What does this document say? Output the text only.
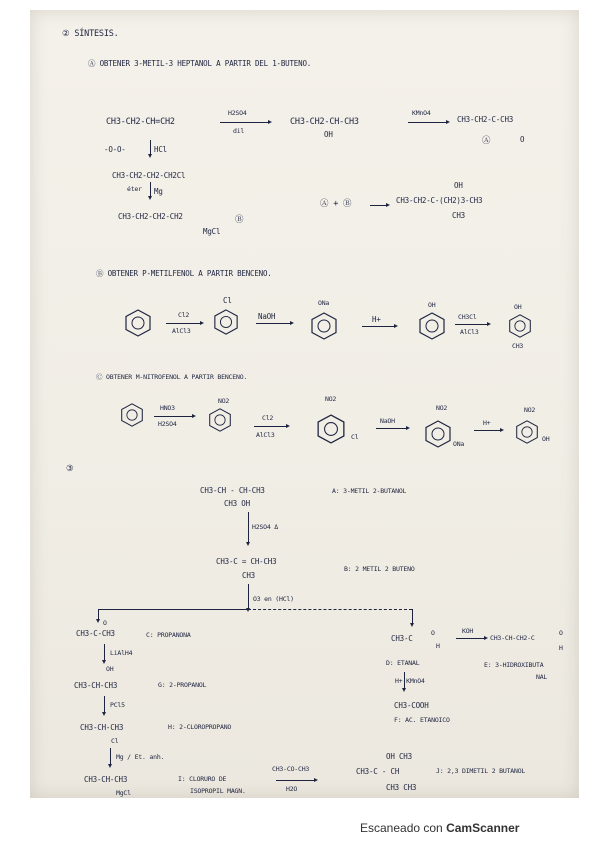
② SÍNTESIS.
Ⓐ OBTENER 3-METIL-3 HEPTANOL A PARTIR DEL 1-BUTENO.
CH3-CH2-CH=CH2
H2SO4
dil
CH3-CH2-CH-CH3
OH
KMnO4
CH3-CH2-C-CH3
O
Ⓐ
-O-O-	HCl
CH3-CH2-CH2-CH2Cl
éter Mg
CH3-CH2-CH2-CH2
MgCl
Ⓑ
Ⓐ + Ⓑ
OH
CH3-CH2-C-(CH2)3-CH3
CH3
Ⓑ OBTENER P-METILFENOL A PARTIR BENCENO.
Cl2
AlCl3
Cl
NaOH
ONa
H+
OH
CH3Cl
AlCl3
OH
CH3
Ⓒ OBTENER M-NITROFENOL A PARTIR BENCENO.
HNO3
H2SO4
NO2
Cl2
AlCl3
NO2
Cl
NaOH
NO2
ONa
H+
NO2
OH
③
CH3-CH - CH-CH3
CH3 OH
A: 3-METIL 2-BUTANOL
H2SO4 Δ
CH3-C = CH-CH3
CH3
B: 2 METIL 2 BUTENO
O3 en (HCl)
O
CH3-C-CH3	C: PROPANONA
LiAlH4
OH
CH3-CH-CH3	G: 2-PROPANOL
PCl5
CH3-CH-CH3
Cl
H: 2-CLOROPROPANO
Mg / Et. anh.
CH3-CH-CH3
MgCl
I: CLORURO DE
ISOPROPIL MAGN.
CH3-CO-CH3
H2O
CH3-C
O
H
KOH
CH3-CH-CH2-C
O
H
D: ETANAL	E: 3-HIDROXIBUTA
NAL
H+ KMnO4
CH3-COOH
F: AC. ETANOICO
OH CH3
CH3-C - CH
CH3 CH3
J: 2,3 DIMETIL 2 BUTANOL
Escaneado con CamScanner
